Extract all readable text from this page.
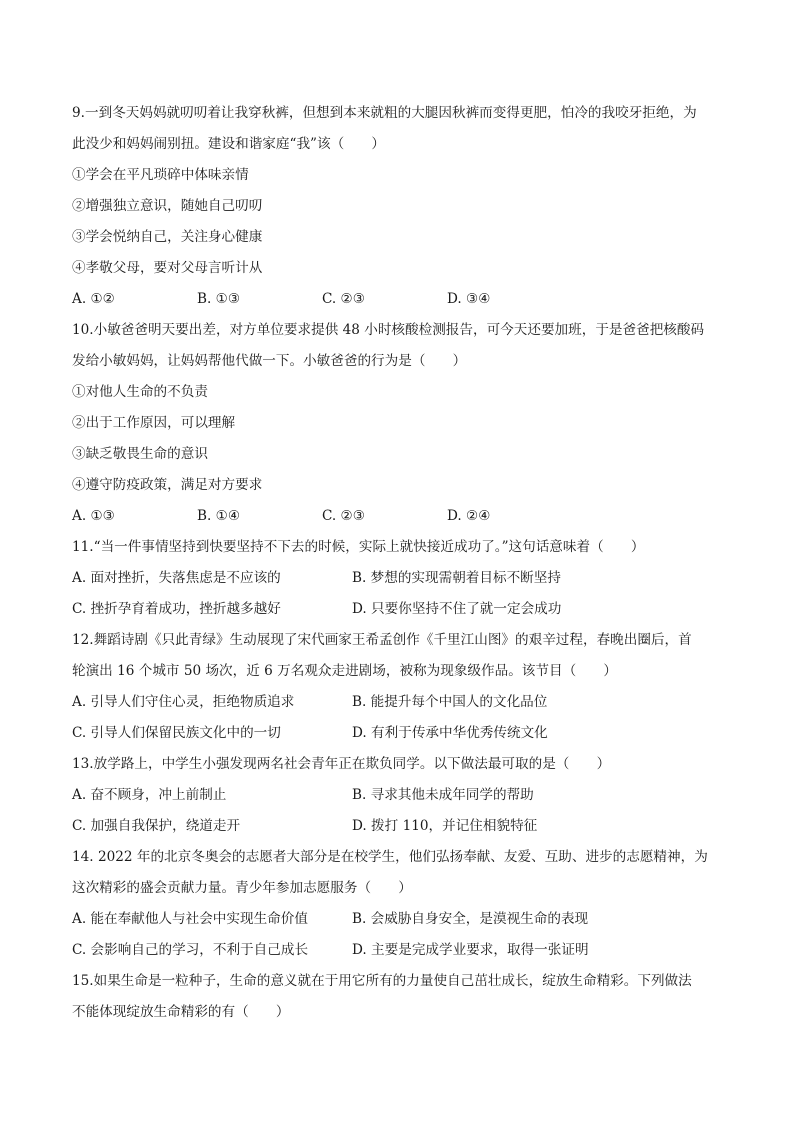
9.一到冬天妈妈就叨叨着让我穿秋裤，但想到本来就粗的大腿因秋裤而变得更肥，怕冷的我咬牙拒绝，为
此没少和妈妈闹别扭。建设和谐家庭“我”该（　　）
①学会在平凡琐碎中体味亲情
②增强独立意识，随她自己叨叨
③学会悦纳自己，关注身心健康
④孝敬父母，要对父母言听计从
A. ①②	B. ①③	C. ②③	D. ③④
10.小敏爸爸明天要出差，对方单位要求提供 48 小时核酸检测报告，可今天还要加班，于是爸爸把核酸码
发给小敏妈妈，让妈妈帮他代做一下。小敏爸爸的行为是（　　）
①对他人生命的不负责
②出于工作原因，可以理解
③缺乏敬畏生命的意识
④遵守防疫政策，满足对方要求
A. ①③	B. ①④	C. ②③	D. ②④
11.“当一件事情坚持到快要坚持不下去的时候，实际上就快接近成功了。”这句话意味着（　　）
A. 面对挫折，失落焦虑是不应该的	B. 梦想的实现需朝着目标不断坚持
C. 挫折孕育着成功，挫折越多越好	D. 只要你坚持不住了就一定会成功
12.舞蹈诗剧《只此青绿》生动展现了宋代画家王希孟创作《千里江山图》的艰辛过程，春晚出圈后，首
轮演出 16 个城市 50 场次，近 6 万名观众走进剧场，被称为现象级作品。该节目（　　）
A. 引导人们守住心灵，拒绝物质追求	B. 能提升每个中国人的文化品位
C. 引导人们保留民族文化中的一切	D. 有利于传承中华优秀传统文化
13.放学路上，中学生小强发现两名社会青年正在欺负同学。以下做法最可取的是（　　）
A. 奋不顾身，冲上前制止	B. 寻求其他未成年同学的帮助
C. 加强自我保护，绕道走开	D. 拨打 110，并记住相貌特征
14. 2022 年的北京冬奥会的志愿者大部分是在校学生，他们弘扬奉献、友爱、互助、进步的志愿精神，为
这次精彩的盛会贡献力量。青少年参加志愿服务（　　）
A. 能在奉献他人与社会中实现生命价值	B. 会威胁自身安全，是漠视生命的表现
C. 会影响自己的学习，不利于自己成长	D. 主要是完成学业要求，取得一张证明
15.如果生命是一粒种子，生命的意义就在于用它所有的力量使自己茁壮成长，绽放生命精彩。下列做法
不能体现绽放生命精彩的有（　　）
